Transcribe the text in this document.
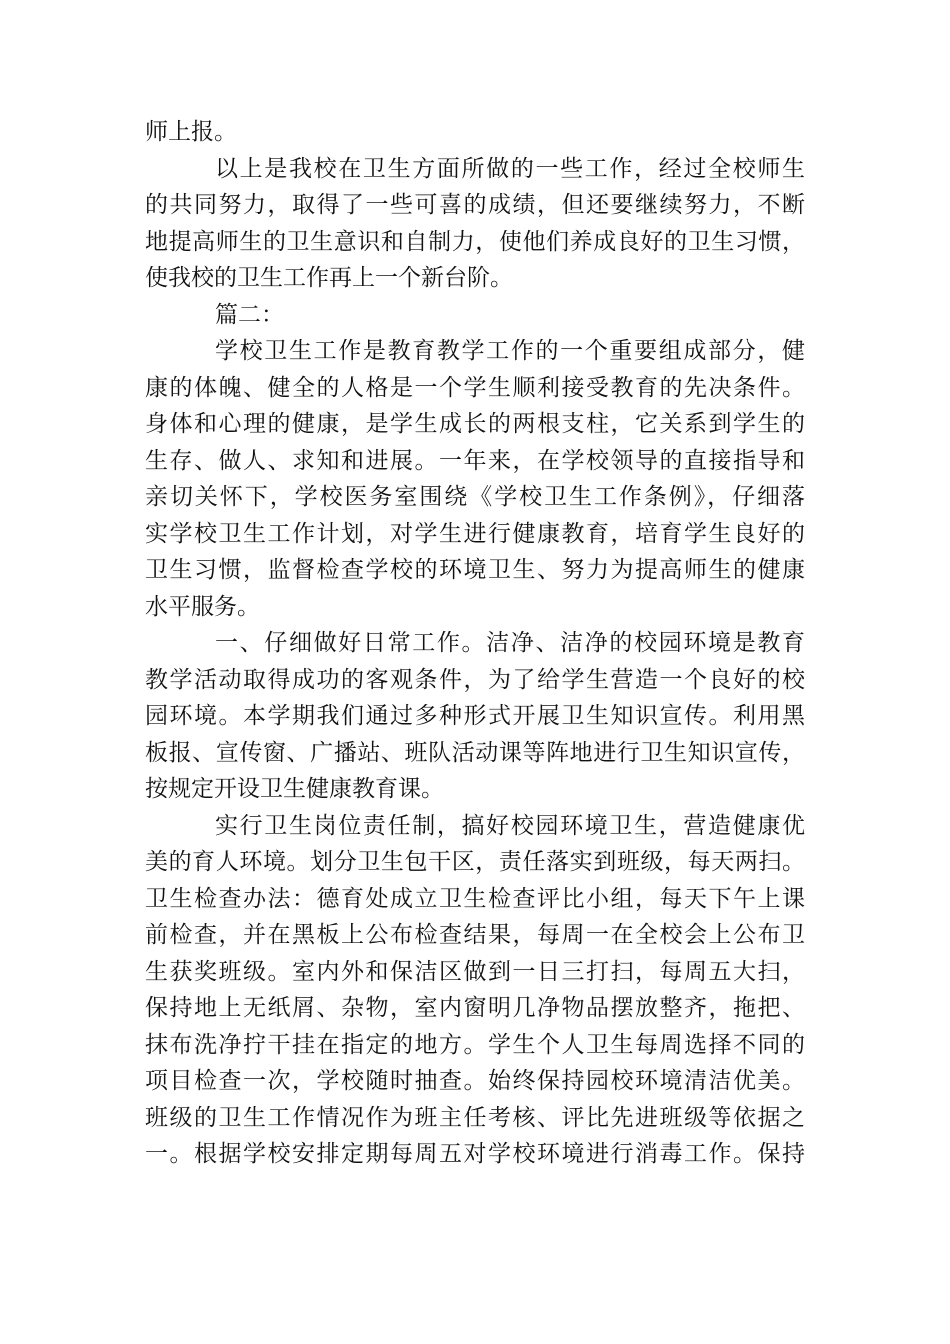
师上报。
以上是我校在卫生方面所做的一些工作，经过全校师生
的共同努力，取得了一些可喜的成绩，但还要继续努力，不断
地提高师生的卫生意识和自制力，使他们养成良好的卫生习惯，
使我校的卫生工作再上一个新台阶。
篇二：
学校卫生工作是教育教学工作的一个重要组成部分，健
康的体魄、健全的人格是一个学生顺利接受教育的先决条件。
身体和心理的健康，是学生成长的两根支柱，它关系到学生的
生存、做人、求知和进展。一年来，在学校领导的直接指导和
亲切关怀下，学校医务室围绕《学校卫生工作条例》，仔细落
实学校卫生工作计划，对学生进行健康教育，培育学生良好的
卫生习惯，监督检查学校的环境卫生、努力为提高师生的健康
水平服务。
一、仔细做好日常工作。洁净、洁净的校园环境是教育
教学活动取得成功的客观条件，为了给学生营造一个良好的校
园环境。本学期我们通过多种形式开展卫生知识宣传。利用黑
板报、宣传窗、广播站、班队活动课等阵地进行卫生知识宣传，
按规定开设卫生健康教育课。
实行卫生岗位责任制，搞好校园环境卫生，营造健康优
美的育人环境。划分卫生包干区，责任落实到班级，每天两扫。
卫生检查办法：德育处成立卫生检查评比小组，每天下午上课
前检查，并在黑板上公布检查结果，每周一在全校会上公布卫
生获奖班级。室内外和保洁区做到一日三打扫，每周五大扫，
保持地上无纸屑、杂物，室内窗明几净物品摆放整齐，拖把、
抹布洗净拧干挂在指定的地方。学生个人卫生每周选择不同的
项目检查一次，学校随时抽查。始终保持园校环境清洁优美。
班级的卫生工作情况作为班主任考核、评比先进班级等依据之
一。根据学校安排定期每周五对学校环境进行消毒工作。保持
